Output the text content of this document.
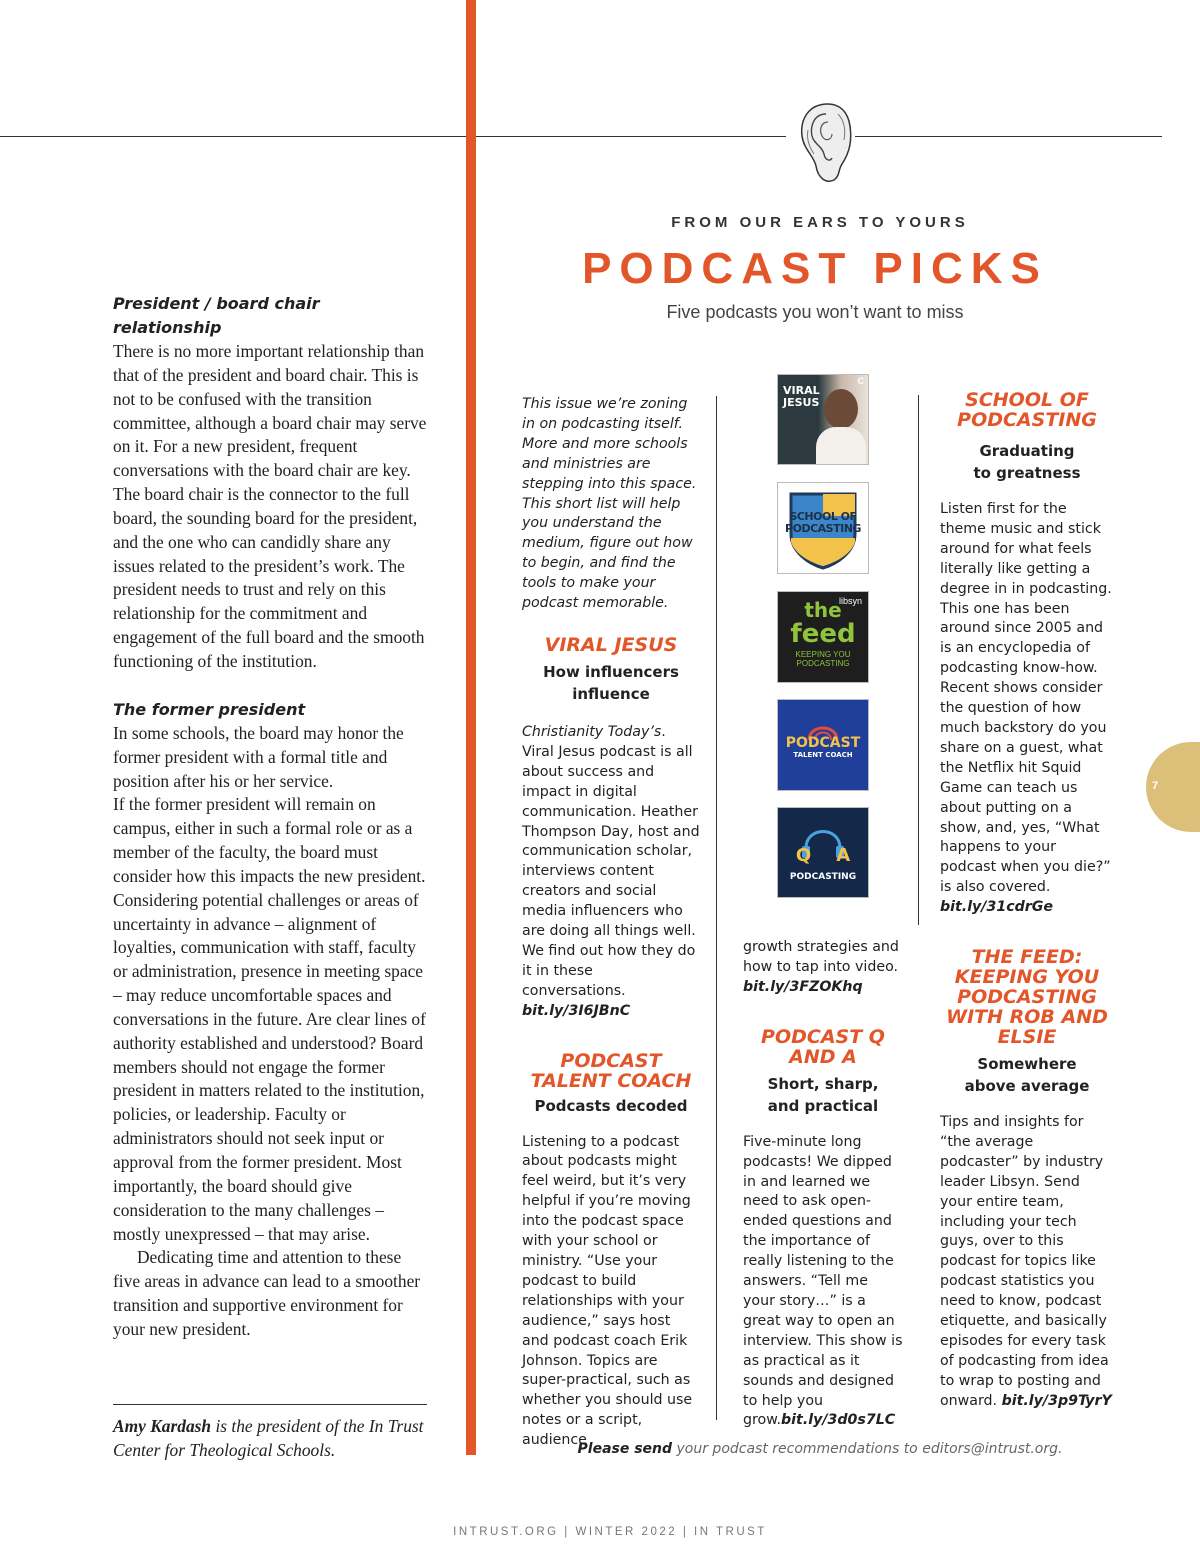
FROM OUR EARS TO YOURS
PODCAST PICKS
Five podcasts you won’t want to miss
President / board chair relationship

There is no more important relationship than that of the president and board chair. This is not to be confused with the transition committee, although a board chair may serve on it. For a new president, frequent conversations with the board chair are key. The board chair is the connector to the full board, the sounding board for the president, and the one who can candidly share any issues related to the president’s work. The president needs to trust and rely on this relationship for the commitment and engagement of the full board and the smooth functioning of the institution.

The former president

In some schools, the board may honor the former president with a formal title and position after his or her service.

If the former president will remain on campus, either in such a formal role or as a member of the faculty, the board must consider how this impacts the new president. Considering potential challenges or areas of uncertainty in advance – alignment of loyalties, communication with staff, faculty or administration, presence in meeting space – may reduce uncomfortable spaces and conversations in the future. Are clear lines of authority established and understood? Board members should not engage the former president in matters related to the institution, policies, or leadership. Faculty or administrators should not seek input or approval from the former president. Most importantly, the board should give consideration to the many challenges – mostly unexpressed – that may arise.

Dedicating time and attention to these five areas in advance can lead to a smoother transition and supportive environment for your new president.

Amy Kardash is the president of the In Trust Center for Theological Schools.

This issue we’re zoning in on podcasting itself. More and more schools and ministries are stepping into this space. This short list will help you understand the medium, figure out how to begin, and find the tools to make your podcast memorable.

VIRAL JESUS
How influencers influence

Christianity Today’s. Viral Jesus podcast is all about success and impact in digital communication. Heather Thompson Day, host and communication scholar, interviews content creators and social media influencers who are doing all things well. We find out how they do it in these conversations.

bit.ly/3I6JBnC

PODCAST TALENT COACH
Podcasts decoded

Listening to a podcast about podcasts might feel weird, but it’s very helpful if you’re moving into the podcast space with your school or ministry. “Use your podcast to build relationships with your audience,” says host and podcast coach Erik Johnson. Topics are super-practical, such as whether you should use notes or a script, audience

growth strategies and how to tap into video.

bit.ly/3FZOKhq

PODCAST Q AND A
Short, sharp, and practical

Five-minute long podcasts! We dipped in and learned we need to ask open-ended questions and the importance of really listening to the answers. “Tell me your story…” is a great way to open an interview. This show is as practical as it sounds and designed to help you grow.bit.ly/3d0s7LC

SCHOOL OF PODCASTING
Graduating to greatness

Listen first for the theme music and stick around for what feels literally like getting a degree in in podcasting. This one has been around since 2005 and is an encyclopedia of podcasting know-how. Recent shows consider the question of how much backstory do you share on a guest, what the Netflix hit Squid Game can teach us about putting on a show, and, yes, “What happens to your podcast when you die?” is also covered.

bit.ly/31cdrGe

THE FEED: KEEPING YOU PODCASTING WITH ROB AND ELSIE
Somewhere above average

Tips and insights for “the average podcaster” by industry leader Libsyn. Send your entire team, including your tech guys, over to this podcast for topics like podcast statistics you need to know, podcast etiquette, and basically episodes for every task of podcasting from idea to wrap to posting and onward. bit.ly/3p9TyrY

VIRAL
JESUS
C
SCHOOL OF
PODCASTING
libsyn
the
feed
KEEPING YOU
PODCASTING
PODCAST
TALENT COACH
Q A
PODCASTING
Please send your podcast recommendations to editors@intrust.org.
INTRUST.ORG | WINTER 2022 | IN TRUST
7
